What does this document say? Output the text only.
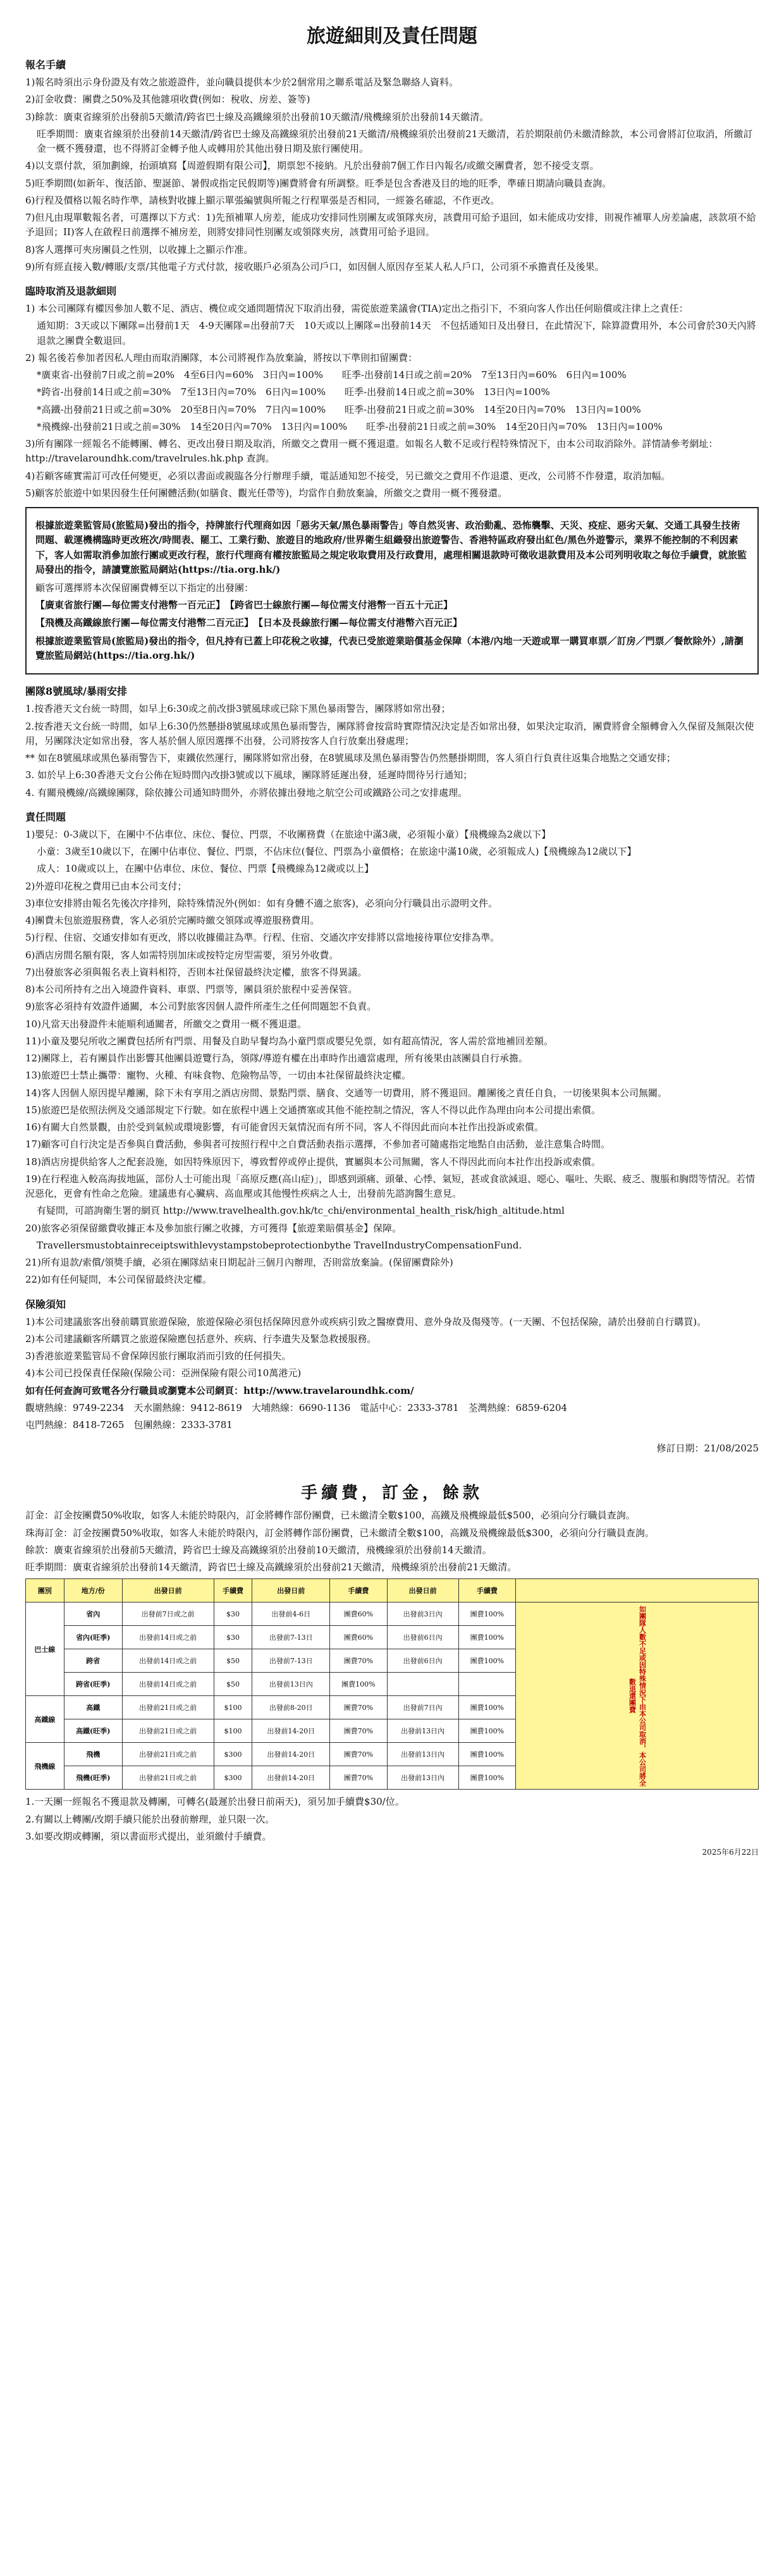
旅遊細則及責任問題
報名手續
1)報名時須出示身份證及有效之旅遊證件，並向職員提供本少於2個常用之聯系電話及緊急聯絡人資料。
2)訂金收費：團費之50%及其他雜項收費(例如：稅收、房差、簽等)
3)餘款：廣東省線須於出發前5天繳清/跨省巴士線及高鐵線須於出發前10天繳清/飛機線須於出發前14天繳清。
旺季期間：廣東省線須於出發前14天繳清/跨省巴士線及高鐵線須於出發前21天繳清/飛機線須於出發前21天繳清，若於期限前仍未繳清餘款，本公司會將訂位取消，所繳訂金一概不獲發還，也不得將訂金轉予他人或轉用於其他出發日期及旅行團使用。
4)以支票付款，須加劃線，抬頭填寫【周遊假期有限公司】，期票恕不接納。凡於出發前7個工作日內報名/或繳交團費者，恕不接受支票。
5)旺季期間(如新年、復活節、聖誕節、暑假或指定民假期等)團費將會有所調整。旺季是包含香港及目的地的旺季，準確日期請向職員查詢。
6)行程及價格以報名時作準，請核對收據上顯示單張編號與所報之行程單張是否相同，一經簽名確認，不作更改。
7)但凡由現單數報名者，可選擇以下方式：1)先預補單人房差，能成功安排同性別團友或領隊夾房，該費用可給予退回，如未能成功安排，則視作補單人房差論處，該款項不給予退回；II)客人在啟程日前選擇不補房差，則將安排同性別團友或領隊夾房，該費用可給予退回。
8)客人選擇可夾房團員之性別，以收據上之顯示作准。
9)所有經直接入數/轉賬/支票/其他電子方式付款，接收賬戶必須為公司戶口，如因個人原因存至某人私人戶口，公司須不承擔責任及後果。
臨時取消及退款細則
1) 本公司團隊有權因參加人數不足、酒店、機位或交通問題情況下取消出發，需從旅遊業議會(TIA)定出之指引下，不須向客人作出任何賠償或注律上之責任：
通知期：3天或以下團隊=出發前1天　4-9天團隊=出發前7天　10天或以上團隊=出發前14天　不包括通知日及出發日，在此情況下，除算證費用外，本公司會於30天內將退款之團費全數退回。
2) 報名後若參加者因私人理由而取消團隊，本公司將視作為放棄論，將按以下準則扣留團費：
*廣東省-出發前7日或之前=20%　4至6日內=60%　3日內=100%　　旺季-出發前14日或之前=20%　7至13日內=60%　6日內=100%
*跨省-出發前14日或之前=30%　7至13日內=70%　6日內=100%　　旺季-出發前14日或之前=30%　13日內=100%
*高鐵-出發前21日或之前=30%　20至8日內=70%　7日內=100%　　旺季-出發前21日或之前=30%　14至20日內=70%　13日內=100%
*飛機線-出發前21日或之前=30%　14至20日內=70%　13日內=100%　　旺季-出發前21日或之前=30%　14至20日內=70%　13日內=100%
3)所有團隊一經報名不能轉團、轉名、更改出發日期及取消，所繳交之費用一概不獲退還。如報名人數不足或行程特殊情況下，由本公司取消除外。詳情請參考網址：http://travelaroundhk.com/travelrules.hk.php 查詢。
4)若顧客確實需訂可改任何變更，必須以書面或親臨各分行辦理手續，電話通知恕不接受，另已繳交之費用不作退還、更改，公司將不作發還，取消加幅。
5)顧客於旅遊中如果因發生任何團體活動(如膳食、觀光任帶等)，均當作自動放棄論，所繳交之費用一概不獲發還。
根據旅遊業監管局(旅監局)發出的指令，持牌旅行代理商如因「惡劣天氣/黑色暴雨警告」等自然災害、政治動亂、恐怖襲擊、天災、疫症、惡劣天氣、交通工具發生技術問題、載運機構臨時更改班次/時間表、罷工、工業行動、旅遊目的地政府/世界衛生組織發出旅遊警告、香港特區政府發出紅色/黑色外遊警示，業界不能控制的不利因素下，客人如需取消參加旅行團或更改行程，旅行代理商有權按旅監局之規定收取費用及行政費用，處理相關退款時可徵收退款費用及本公司列明收取之每位手續費，就旅監局發出的指令，請讀覽旅監局網站(https://tia.org.hk/)
顧客可選擇將本次保留團費轉至以下指定的出發團：
【廣東省旅行團—每位需支付港幣一百元正】　【跨省巴士線旅行團—每位需支付港幣一百五十元正】
【飛機及高鐵線旅行團—每位需支付港幣二百元正】　【日本及長線旅行團—每位需支付港幣六百元正】
根據旅遊業監管局(旅監局)發出的指令，但凡持有已蓋上印花稅之收據，代表已受旅遊業賠償基金保障（本港/內地一天遊或單一購買車票／訂房／門票／餐飲除外）,請瀏覽旅監局網站(https://tia.org.hk/)
團隊8號風球/暴雨安排
1.按香港天文台統一時間，如早上6:30或之前改掛3號風球或已除下黑色暴雨警告，團隊將如常出發；
2.按香港天文台統一時間，如早上6:30仍然懸掛8號風球或黑色暴雨警告，團隊將會按當時實際情況決定是否如常出發，如果決定取消，團費將會全額轉會入久保留及無限次使用，另團隊決定如常出發，客人基於個人原因選擇不出發，公司將按客人自行放棄出發處理；
** 如在8號風球或黑色暴雨警告下，東鐵依然運行，團隊將如常出發，在8號風球及黑色暴雨警告仍然懸掛期間，客人須自行負責往返集合地點之交通安排；
3. 如於早上6:30香港天文台公佈在短時間內改掛3號或以下風球，團隊將延遲出發，延遲時間待另行通知；
4. 有關飛機線/高鐵線團隊，除依據公司通知時間外，亦將依據出發地之航空公司或鐵路公司之安排處理。
責任問題
1)嬰兒：0-3歲以下，在團中不佔車位、床位、餐位、門票，不收團務費（在旅途中滿3歲，必須報小童）【飛機線為2歲以下】
小童：3歲至10歲以下，在團中佔車位、餐位、門票，不佔床位(餐位、門票為小童價格；在旅途中滿10歲，必須報成人)【飛機線為12歲以下】
成人：10歲或以上，在團中佔車位、床位、餐位、門票【飛機線為12歲或以上】
2)外遊印花稅之費用已由本公司支付；
3)車位安排將由報名先後次序排列，除特殊情況外(例如：如有身體不適之旅客)，必須向分行職員出示證明文件。
4)團費未包旅遊服務費，客人必須於完團時繳交領隊或導遊服務費用。
5)行程、住宿、交通安排如有更改，將以收據備註為準。行程、住宿、交通次序安排將以當地接待單位安排為準。
6)酒店房間名額有限，客人如需特別加床或按特定房型需要，須另外收費。
7)出發旅客必須與報名表上資料相符，否則本社保留最終決定權，旅客不得異議。
8)本公司所持有之出入境證件資料、車票、門票等，團員須於旅程中妥善保管。
9)旅客必須持有效證件通關，本公司對旅客因個人證件所產生之任何問題恕不負責。
10)凡當天出發證件未能順利通關者，所繳交之費用一概不獲退還。
11)小童及嬰兒所收之團費包括所有門票、用餐及自助早餐均為小童門票或嬰兒免票，如有超高情況，客人需於當地補回差額。
12)團隊上，若有團員作出影響其他團員遊覽行為，領隊/導遊有權在出車時作出適當處理，所有後果由該團員自行承擔。
13)旅遊巴士禁止攜帶：寵物、火種、有味食物、危險物品等，一切由本社保留最終決定權。
14)客人因個人原因提早離團，除下未有享用之酒店房間、景點門票、膳食、交通等一切費用，將不獲退回。離團後之責任自負，一切後果與本公司無關。
15)旅遊巴是依照法例及交通部規定下行駛。如在旅程中遇上交通擠塞或其他不能控制之情況，客人不得以此作為理由向本公司提出索償。
16)有關大自然景觀，由於受到氣候或環境影響，有可能會因天氣情況而有所不同，客人不得因此而向本社作出投訴或索償。
17)顧客可自行決定是否參與自費活動，參與者可按照行程中之自費活動表指示選擇，不參加者可隨處指定地點自由活動，並注意集合時間。
18)酒店房提供給客人之配套設施，如因特殊原因下，導致暫停或停止提供，實屬與本公司無關，客人不得因此而向本社作出投訴或索償。
19)在行程進入較高海拔地區，部份人士可能出現「高原反應(高山症)」，即感到頭痛、頭暈、心悸、氣短，甚或食欲減退、噁心、嘔吐、失眠、疲乏、腹脹和胸悶等情況。若情況惡化，更會有性命之危險。建議患有心臟病、高血壓或其他慢性疾病之人士，出發前先諮詢醫生意見。
有疑問，可諮詢衛生署的網頁 http://www.travelhealth.gov.hk/tc_chi/environmental_health_risk/high_altitude.html
20)旅客必須保留繳費收據正本及參加旅行團之收據，方可獲得【旅遊業賠償基金】保障。
Travellersmustobtainreceiptswithlevystampstobeprotectionbythe TravelIndustryCompensationFund.
21)所有退款/索償/領獎手續，必須在團隊結束日期起計三個月內辦理，否則當放棄論。(保留團費除外)
22)如有任何疑問，本公司保留最終決定權。
保險須知
1)本公司建議旅客出發前購買旅遊保險，旅遊保險必須包括保障因意外或疾病引致之醫療費用、意外身故及傷殘等。(一天團、不包括保險，請於出發前自行購買)。
2)本公司建議顧客所購買之旅遊保險應包括意外、疾病、行李遺失及緊急救援服務。
3)香港旅遊業監管局不會保障因旅行團取消而引致的任何損失。
4)本公司已投保責任保險(保險公司：亞洲保險有限公司10萬港元)
如有任何查詢可致電各分行職員或瀏覽本公司網頁：http://www.travelaroundhk.com/
觀塘熱線：9749-2234　天水圍熱線：9412-8619　大埔熱線：6690-1136　電話中心：2333-3781　荃灣熱線：6859-6204
屯門熱線：8418-7265　包團熱線：2333-3781
修訂日期：21/08/2025
手續費，訂金，餘款
訂金：訂金按團費50%收取，如客人未能於時限內，訂金將轉作部份團費，已未繳清全數$100，高鐵及飛機線最低$500，必須向分行職員查詢。
珠海訂金：訂金按團費50%收取，如客人未能於時限內，訂金將轉作部份團費，已未繳清全數$100，高鐵及飛機線最低$300，必須向分行職員查詢。
餘款：廣東省線須於出發前5天繳清，跨省巴士線及高鐵線須於出發前10天繳清，飛機線須於出發前14天繳清。
旺季期間：廣東省線須於出發前14天繳清，跨省巴士線及高鐵線須於出發前21天繳清，飛機線須於出發前21天繳清。
團別	地方/份	出發日前	手續費	出發日前	手續費	出發日前	手續費	
巴士線	省內	出發前7日或之前	$30	出發前4-6日	團費60%	出發前3日內	團費100%	如團隊人數不足或因特殊情況下由本公司取消，本公司將全數退還團費
	省內(旺季)	出發前14日或之前	$30	出發前7-13日	團費60%	出發前6日內	團費100%	
	跨省	出發前14日或之前	$50	出發前7-13日	團費70%	出發前6日內	團費100%	
	跨省(旺季)	出發前14日或之前	$50	出發前13日內	團費100%			
高鐵線	高鐵	出發前21日或之前	$100	出發前8-20日	團費70%	出發前7日內	團費100%	
	高鐵(旺季)	出發前21日或之前	$100	出發前14-20日	團費70%	出發前13日內	團費100%	
飛機線	飛機	出發前21日或之前	$300	出發前14-20日	團費70%	出發前13日內	團費100%	
	飛機(旺季)	出發前21日或之前	$300	出發前14-20日	團費70%	出發前13日內	團費100%	
1.一天團一經報名不獲退款及轉團，可轉名(最遲於出發日前兩天)，須另加手續費$30/位。
2.有關以上轉團/改期手續只能於出發前辦理，並只限一次。
3.如要改期或轉團，須以書面形式提出，並須繳付手續費。
2025年6月22日
